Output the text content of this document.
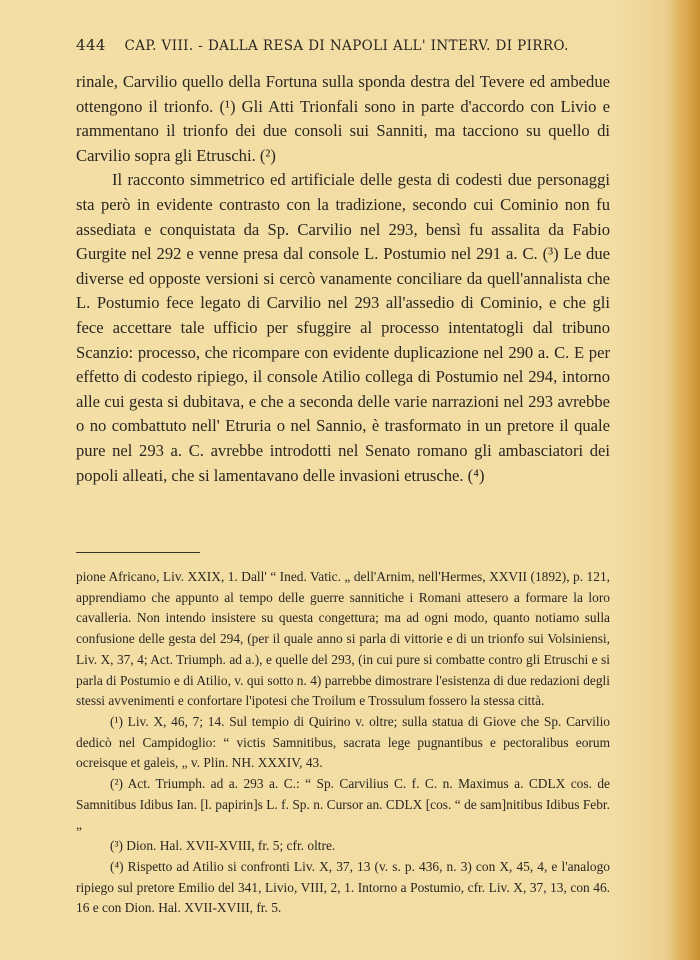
444 CAP. VIII. - DALLA RESA DI NAPOLI ALL' INTERV. DI PIRRO.

rinale, Carvilio quello della Fortuna sulla sponda destra del Tevere ed ambedue ottengono il trionfo. (¹) Gli Atti Trionfali sono in parte d'accordo con Livio e rammentano il trionfo dei due consoli sui Sanniti, ma tacciono su quello di Carvilio sopra gli Etruschi. (²)

Il racconto simmetrico ed artificiale delle gesta di codesti due personaggi sta però in evidente contrasto con la tradizione, secondo cui Cominio non fu assediata e conquistata da Sp. Carvilio nel 293, bensì fu assalita da Fabio Gurgite nel 292 e venne presa dal console L. Postumio nel 291 a. C. (³) Le due diverse ed opposte versioni si cercò vanamente conciliare da quell'annalista che L. Postumio fece legato di Carvilio nel 293 all'assedio di Cominio, e che gli fece accettare tale ufficio per sfuggire al processo intentatogli dal tribuno Scanzio: processo, che ricompare con evidente duplicazione nel 290 a. C. E per effetto di codesto ripiego, il console Atilio collega di Postumio nel 294, intorno alle cui gesta si dubitava, e che a seconda delle varie narrazioni nel 293 avrebbe o no combattuto nell' Etruria o nel Sannio, è trasformato in un pretore il quale pure nel 293 a. C. avrebbe introdotti nel Senato romano gli ambasciatori dei popoli alleati, che si lamentavano delle invasioni etrusche. (⁴)

pione Africano, Liv. XXIX, 1. Dall' “ Ined. Vatic. „ dell'Arnim, nell'Hermes, XXVII (1892), p. 121, apprendiamo che appunto al tempo delle guerre sannitiche i Romani attesero a formare la loro cavalleria. Non intendo insistere su questa congettura; ma ad ogni modo, quanto notiamo sulla confusione delle gesta del 294, (per il quale anno si parla di vittorie e di un trionfo sui Volsiniensi, Liv. X, 37, 4; Act. Triumph. ad a.), e quelle del 293, (in cui pure si combatte contro gli Etruschi e si parla di Postumio e di Atilio, v. qui sotto n. 4) parrebbe dimostrare l'esistenza di due redazioni degli stessi avvenimenti e confortare l'ipotesi che Troilum e Trossulum fossero la stessa città.

(¹) Liv. X, 46, 7; 14. Sul tempio di Quirino v. oltre; sulla statua di Giove che Sp. Carvilio dedicò nel Campidoglio: “ victis Samnitibus, sacrata lege pugnantibus e pectoralibus eorum ocreisque et galeis, „ v. Plin. NH. XXXIV, 43.

(²) Act. Triumph. ad a. 293 a. C.: “ Sp. Carvilius C. f. C. n. Maximus a. CDLX cos. de Samnitibus Idibus Ian. [l. papirin]s L. f. Sp. n. Cursor an. CDLX [cos. “ de sam]nitibus Idibus Febr. „

(³) Dion. Hal. XVII-XVIII, fr. 5; cfr. oltre.

(⁴) Rispetto ad Atilio si confronti Liv. X, 37, 13 (v. s. p. 436, n. 3) con X, 45, 4, e l'analogo ripiego sul pretore Emilio del 341, Livio, VIII, 2, 1. Intorno a Postumio, cfr. Liv. X, 37, 13, con 46. 16 e con Dion. Hal. XVII-XVIII, fr. 5.
